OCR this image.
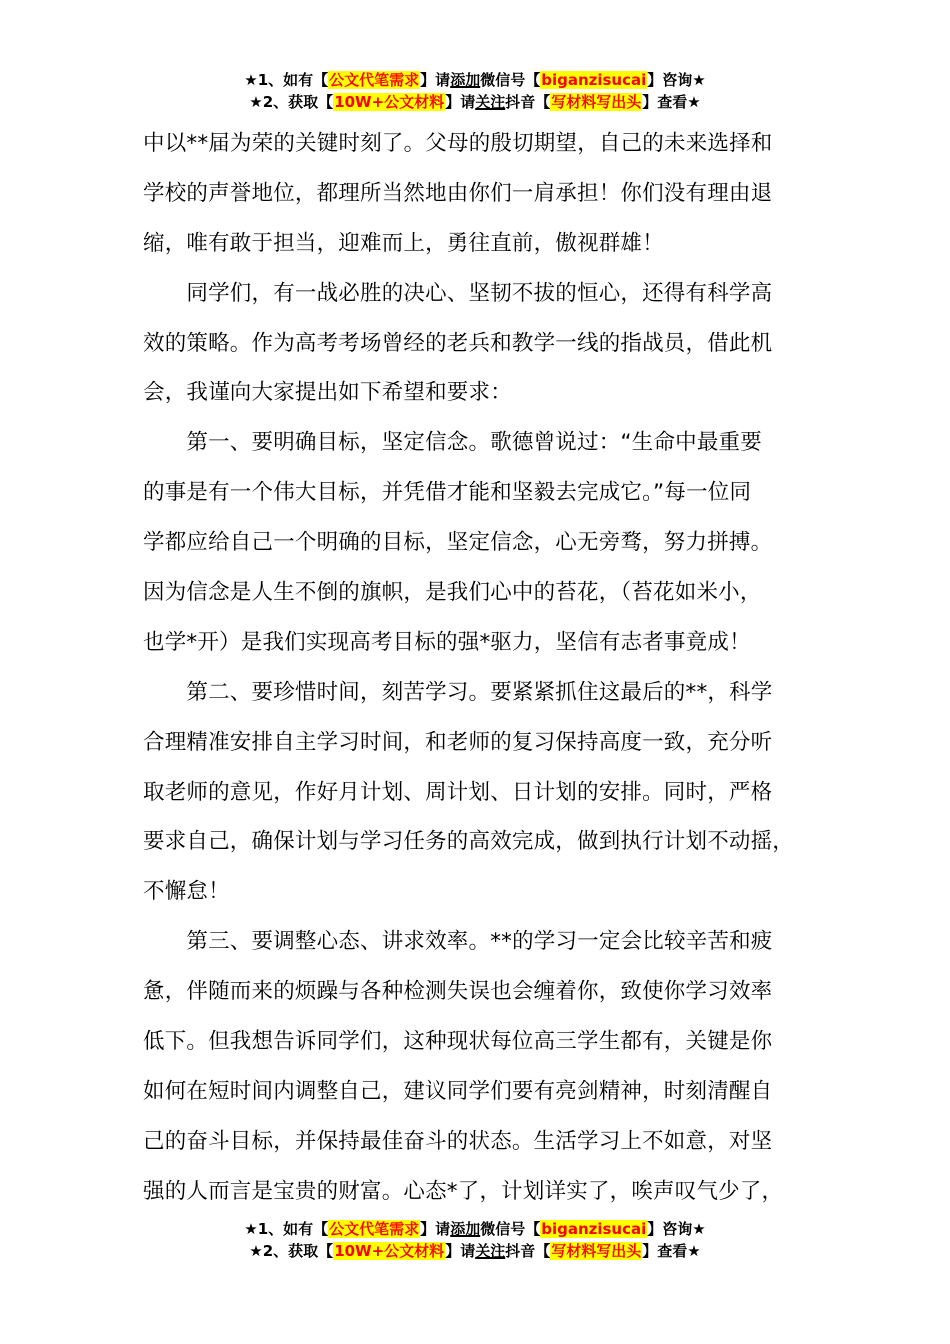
★1、如有【公文代笔需求】请添加微信号【biganzisucai】咨询★
★2、获取【10W+公文材料】请关注抖音【写材料写出头】查看★
中以**届为荣的关键时刻了。父母的殷切期望，自己的未来选择和
学校的声誉地位，都理所当然地由你们一肩承担！你们没有理由退
缩，唯有敢于担当，迎难而上，勇往直前，傲视群雄！
　　同学们，有一战必胜的决心、坚韧不拔的恒心，还得有科学高
效的策略。作为高考考场曾经的老兵和教学一线的指战员，借此机
会，我谨向大家提出如下希望和要求：
　　第一、要明确目标，坚定信念。歌德曾说过：“生命中最重要
的事是有一个伟大目标，并凭借才能和坚毅去完成它。”每一位同
学都应给自己一个明确的目标，坚定信念，心无旁骛，努力拼搏。
因为信念是人生不倒的旗帜，是我们心中的苔花，（苔花如米小，
也学*开）是我们实现高考目标的强*驱力，坚信有志者事竟成！
　　第二、要珍惜时间，刻苦学习。要紧紧抓住这最后的**，科学
合理精准安排自主学习时间，和老师的复习保持高度一致，充分听
取老师的意见，作好月计划、周计划、日计划的安排。同时，严格
要求自己，确保计划与学习任务的高效完成，做到执行计划不动摇，
不懈怠！
　　第三、要调整心态、讲求效率。**的学习一定会比较辛苦和疲
惫，伴随而来的烦躁与各种检测失误也会缠着你，致使你学习效率
低下。但我想告诉同学们，这种现状每位高三学生都有，关键是你
如何在短时间内调整自己，建议同学们要有亮剑精神，时刻清醒自
己的奋斗目标，并保持最佳奋斗的状态。生活学习上不如意，对坚
强的人而言是宝贵的财富。心态*了，计划详实了，唉声叹气少了，
★1、如有【公文代笔需求】请添加微信号【biganzisucai】咨询★
★2、获取【10W+公文材料】请关注抖音【写材料写出头】查看★
